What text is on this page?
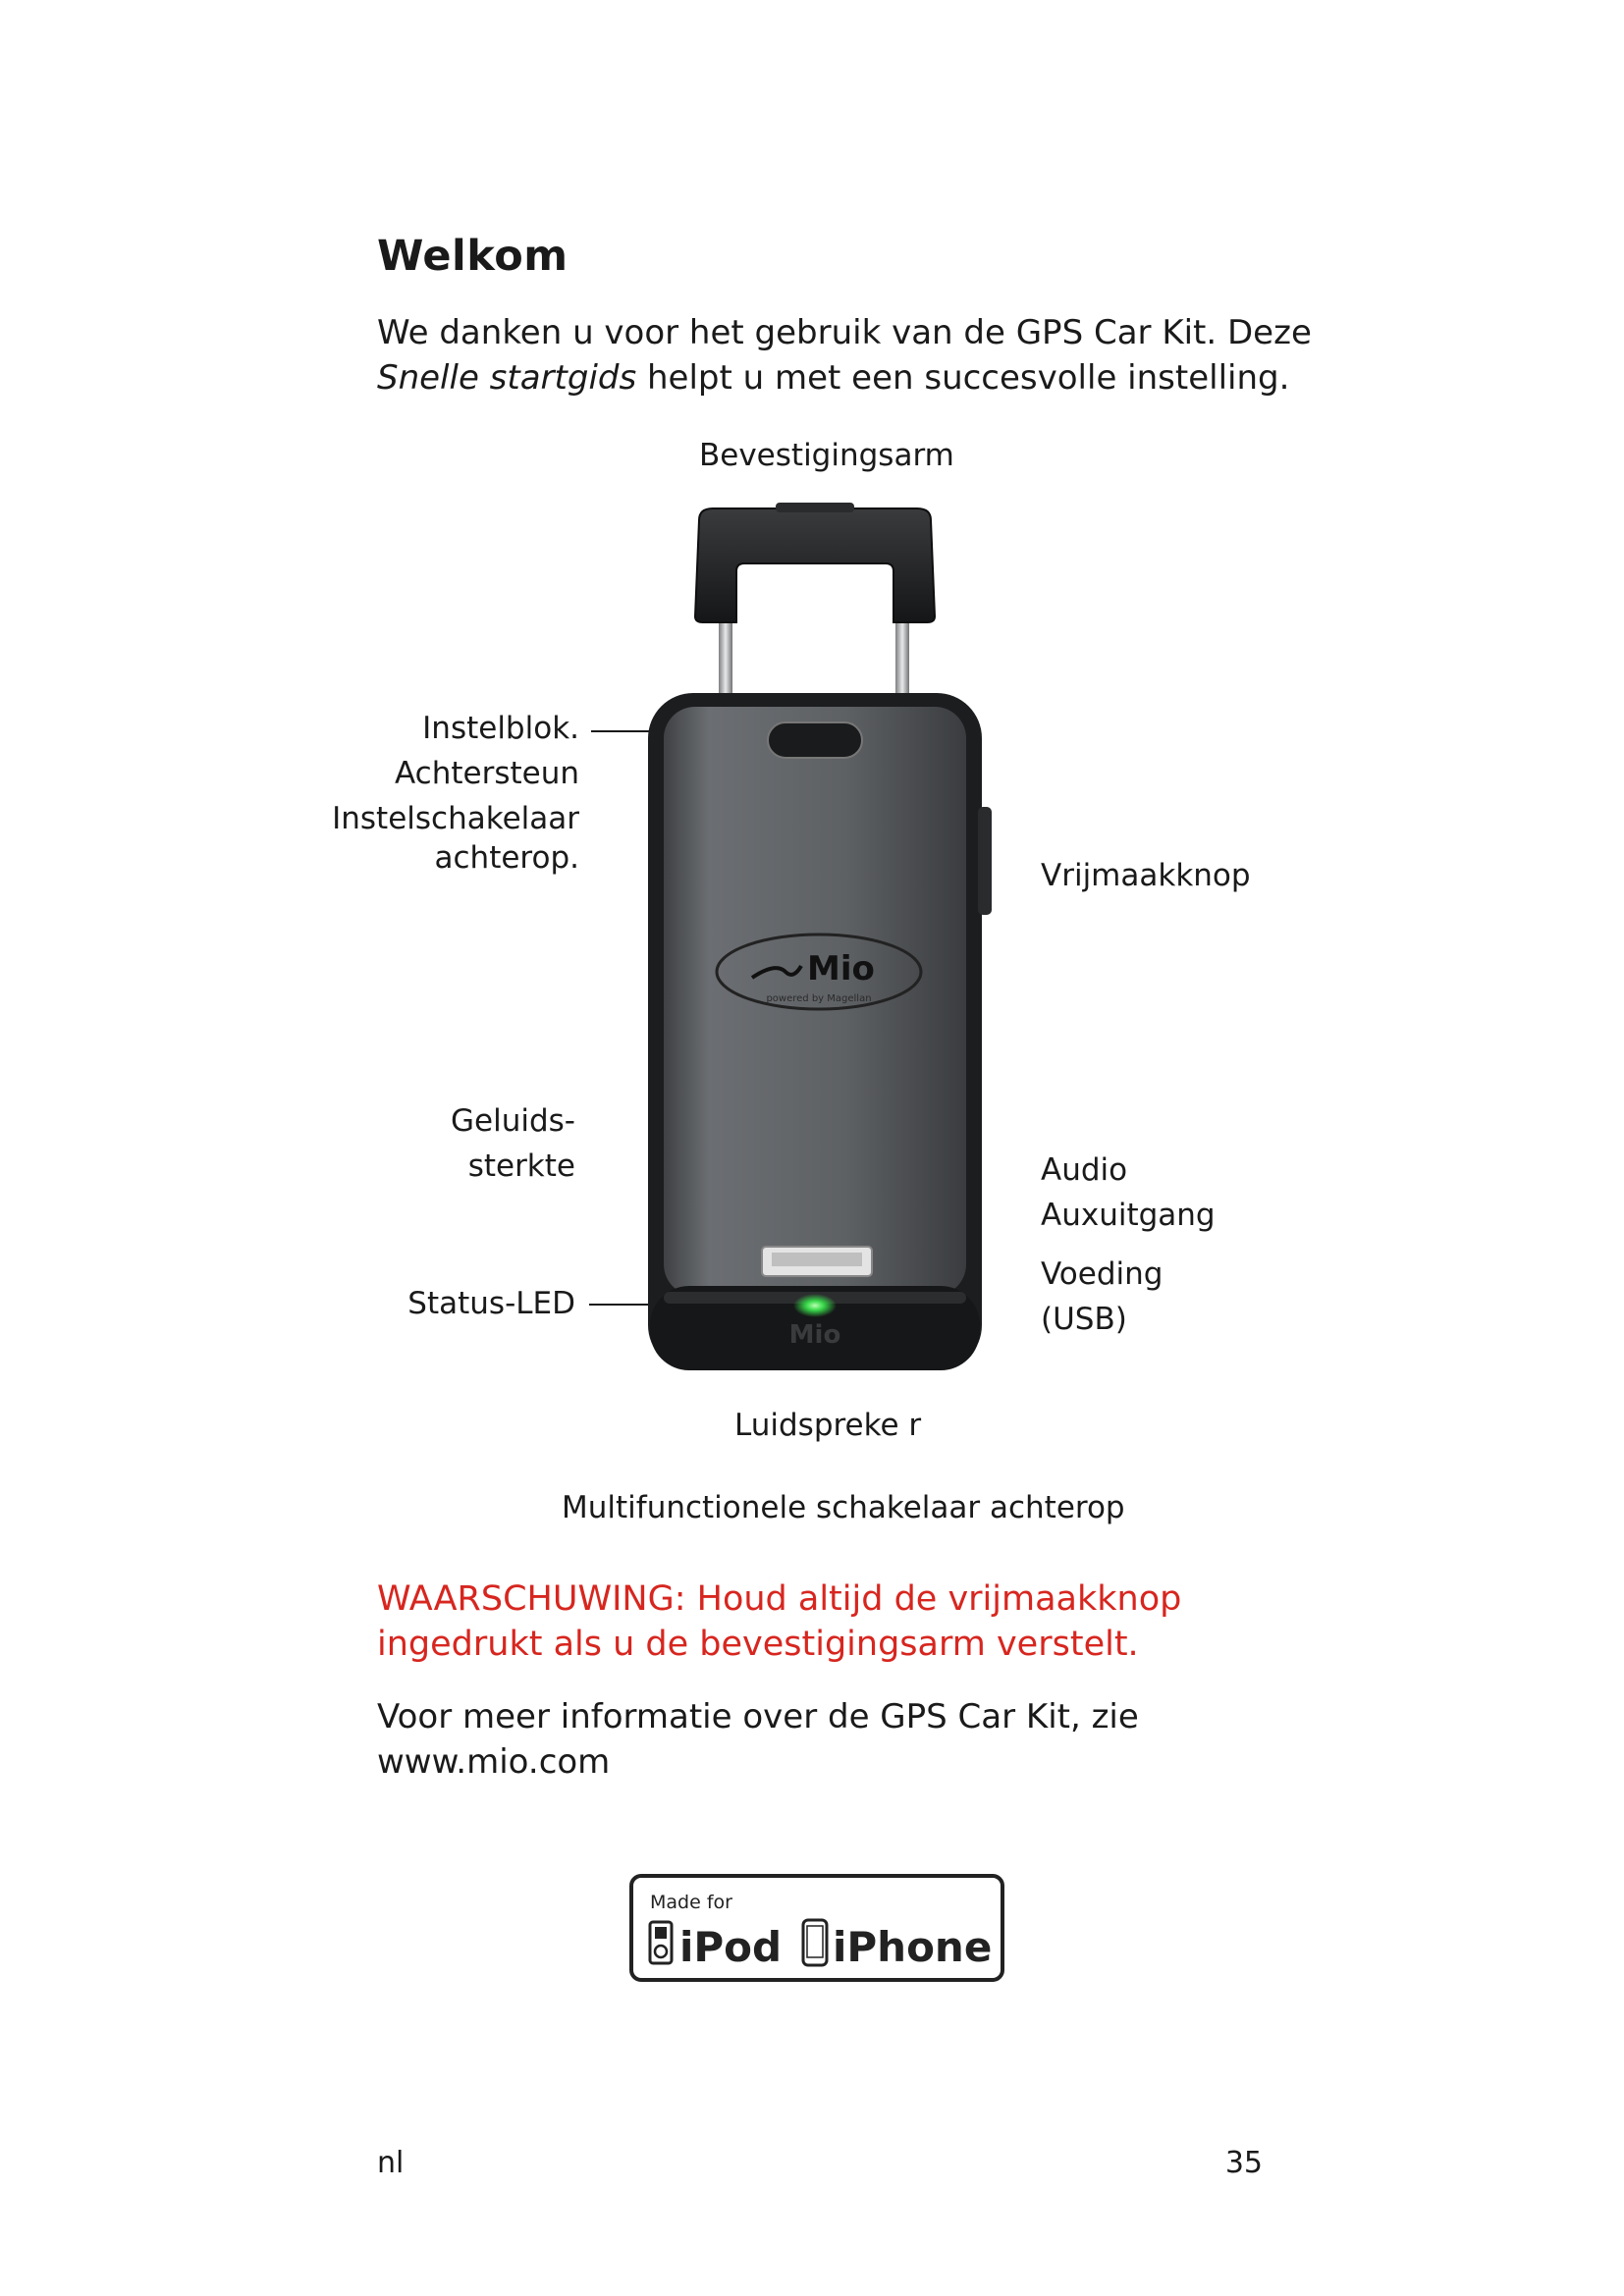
Welkom
We danken u voor het gebruik van de GPS Car Kit. Deze Snelle startgids helpt u met een succesvolle instelling.
Bevestigingsarm
Instelblok.
Achtersteun
Instelschakelaar
achterop.	Vrijmaakknop
Geluids-
sterkte	Audio
Auxuitgang
Voeding
(USB)
Status-LED
Luidspreke r
Multifunctionele schakelaar achterop
Mio
powered by Magellan
Mio
WAARSCHUWING: Houd altijd de vrijmaakknop ingedrukt als u de bevestigingsarm verstelt.
Voor meer informatie over de GPS Car Kit, zie www.mio.com
Made for
iPod iPhone
nl	35
